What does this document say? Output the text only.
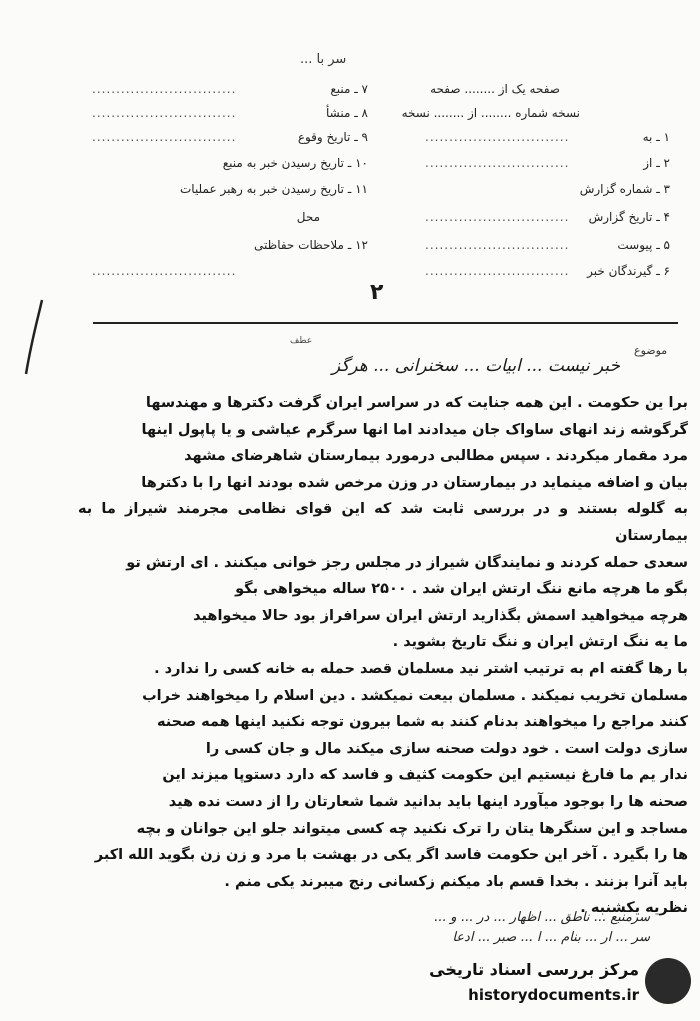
ﺳﺮ ﺑﺎ ...
صفحه یک از ........ صفحه
نسخه شماره ........ از ........ نسخه
۱ ـ به
۲ ـ از
۳ ـ شماره گزارش
۴ ـ تاریخ گزارش
۵ ـ پیوست
۶ ـ گیرندگان خبر
..............................
..............................
..............................
..............................
..............................
۷ ـ منبع
۸ ـ منشأ
۹ ـ تاریخ وقوع
۱۰ ـ تاریخ رسیدن خبر به منبع
۱۱ ـ تاریخ رسیدن خبر به رهبر عملیات
محل
۱۲ ـ ملاحظات حفاظتی
..............................
..............................
..............................
..............................
۲
عطف
موضوع
خبر نیست ... ابیات ... سخنرانی ... هرگز

برا ین حکومت . این همه جنایت که در سراسر ایران گرفت دکترها و مهندسها

گرگوشه زند انهای ساواک جان میدادند اما انها سرگرم عیاشی و یا پاپول اینها

مرد مقمار میکردند . سپس مطالبی درمورد بیمارستان شاهرضای مشهد

بیان و اضافه مینماید در بیمارستان در وزن مرخص شده بودند انها را با دکترها

به گلوله بستند و در بررسی ثابت شد که این قوای نظامی مجرمند شیراز ما به بیمارستان

سعدی حمله کردند و نمایندگان شیراز در مجلس رجز خوانی میکنند . ای ارتش تو

بگو ما هرچه مانع ننگ ارتش ایران شد . ۲۵۰۰ ساله میخواهی بگو

هرچه میخواهید اسمش بگذارید ارتش ایران سرافراز بود حالا میخواهید

ما یه ننگ ارتش ایران و ننگ تاریخ بشوید .

با رها گفته ام به ترتیب اشتر نید مسلمان قصد حمله به خانه کسی را ندارد .

مسلمان تخریب نمیکند . مسلمان بیعت نمیکشد . دین اسلام را میخواهند خراب

کنند مراجع را میخواهند بدنام کنند به شما بیرون توجه نکنید اینها همه صحنه

سازی دولت است . خود دولت صحنه سازی میکند مال و جان کسی را

ندار یم ما فارغ نیستیم این حکومت کثیف و فاسد که دارد دستوپا میزند این

صحنه ها را بوجود میآورد اینها باید بدانید شما شعارتان را از دست نده هید

مساجد و این سنگرها یتان را ترک نکنید چه کسی میتواند جلو این جوانان و بچه

ها را بگیرد . آخر این حکومت فاسد اگر یکی در بهشت با مرد و زن زن بگوید الله اکبر

باید آنرا بزنند . بخدا قسم باد میکنم زکسانی رنج میبرند یکی منم .

نظریه یکشنبه .

سرمنبع ... ناطق ... اظهار ... در ... و ...
سر ... ار ... بنام ... ا ... صبر ... ادعا
مرکز بررسی اسناد تاریخی
historydocuments.ir
